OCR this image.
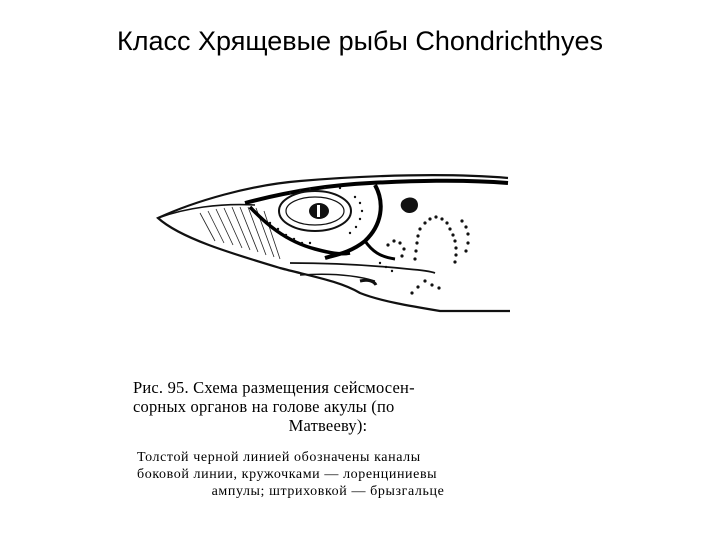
Класс Хрящевые рыбы Chondrichthyes
Рис. 95. Схема размещения сейсмосен-
сорных органов на голове акулы (по
Матвееву):
Толстой черной линией обозначены каналы
боковой линии, кружочками — лоренциниевы
ампулы; штриховкой — брызгальце
